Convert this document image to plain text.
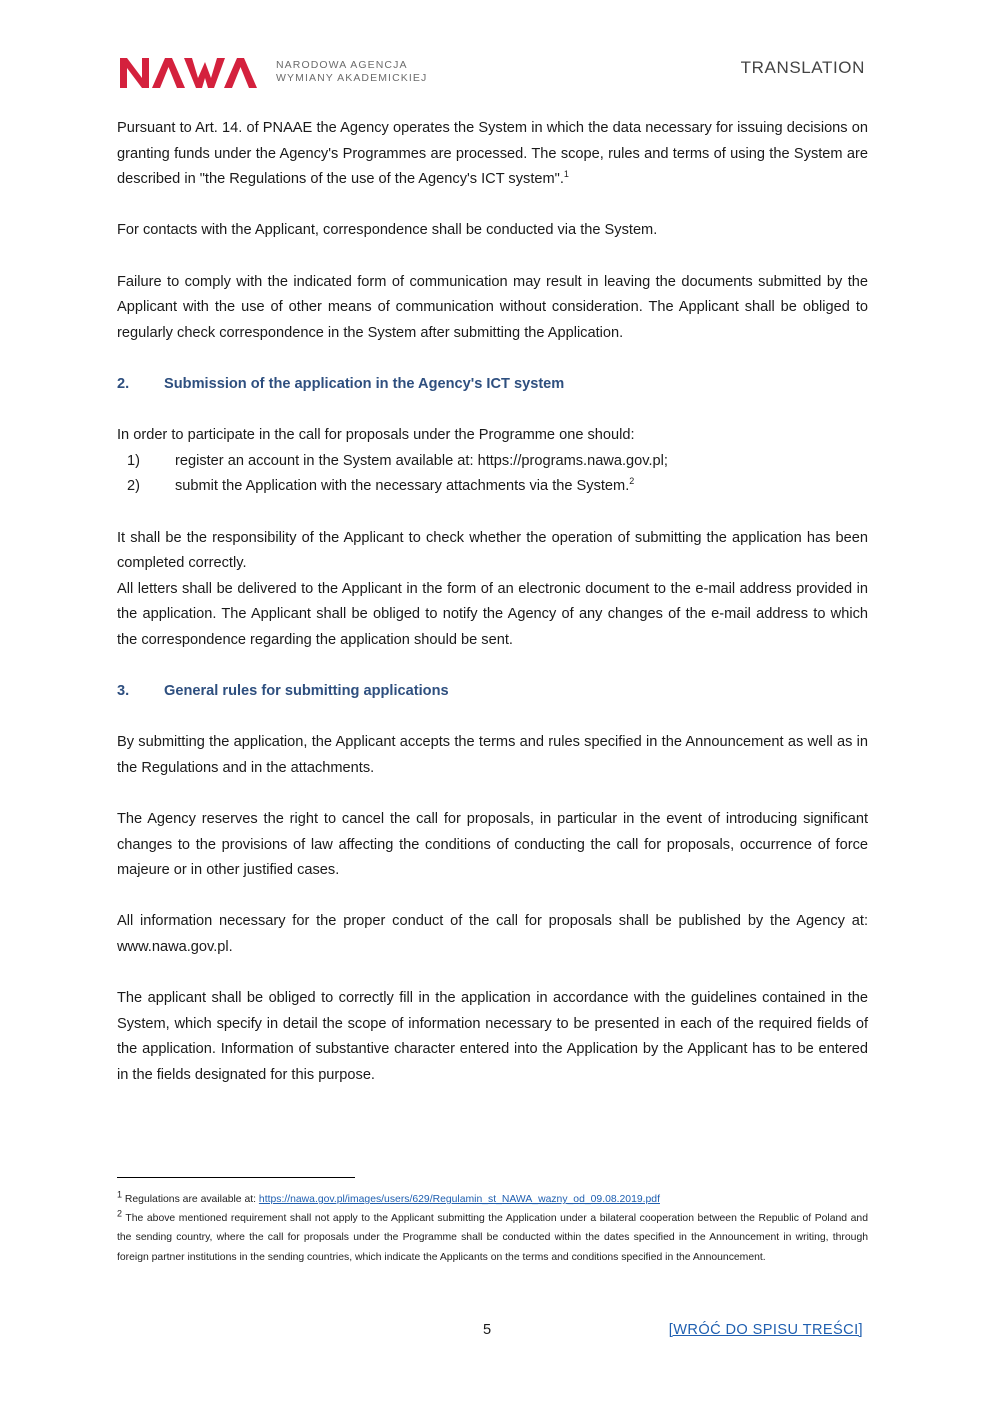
NARODOWA AGENCJA
WYMIANY AKADEMICKIEJ
TRANSLATION

Pursuant to Art. 14. of PNAAE the Agency operates the System in which the data necessary for issuing decisions on granting funds under the Agency's Programmes are processed. The scope, rules and terms of using the System are described in "the Regulations of the use of the Agency's ICT system".$^1$

For contacts with the Applicant, correspondence shall be conducted via the System.

Failure to comply with the indicated form of communication may result in leaving the documents submitted by the Applicant with the use of other means of communication without consideration. The Applicant shall be obliged to regularly check correspondence in the System after submitting the Application.

2.	Submission of the application in the Agency's ICT system

In order to participate in the call for proposals under the Programme one should:

1)	register an account in the System available at: https://programs.nawa.gov.pl;
2)	submit the Application with the necessary attachments via the System.$^2$

It shall be the responsibility of the Applicant to check whether the operation of submitting the application has been completed correctly.

All letters shall be delivered to the Applicant in the form of an electronic document to the e-mail address provided in the application. The Applicant shall be obliged to notify the Agency of any changes of the e-mail address to which the correspondence regarding the application should be sent.

3.	General rules for submitting applications

By submitting the application, the Applicant accepts the terms and rules specified in the Announcement as well as in the Regulations and in the attachments.

The Agency reserves the right to cancel the call for proposals, in particular in the event of introducing significant changes to the provisions of law affecting the conditions of conducting the call for proposals, occurrence of force majeure or in other justified cases.

All information necessary for the proper conduct of the call for proposals shall be published by the Agency at: www.nawa.gov.pl.

The applicant shall be obliged to correctly fill in the application in accordance with the guidelines contained in the System, which specify in detail the scope of information necessary to be presented in each of the required fields of the application. Information of substantive character entered into the Application by the Applicant has to be entered in the fields designated for this purpose.

$^1$ Regulations are available at: https://nawa.gov.pl/images/users/629/Regulamin_st_NAWA_wazny_od_09.08.2019.pdf

$^2$ The above mentioned requirement shall not apply to the Applicant submitting the Application under a bilateral cooperation between the Republic of Poland and the sending country, where the call for proposals under the Programme shall be conducted within the dates specified in the Announcement in writing, through foreign partner institutions in the sending countries, which indicate the Applicants on the terms and conditions specified in the Announcement.

5	[WRÓĆ DO SPISU TREŚCI]
